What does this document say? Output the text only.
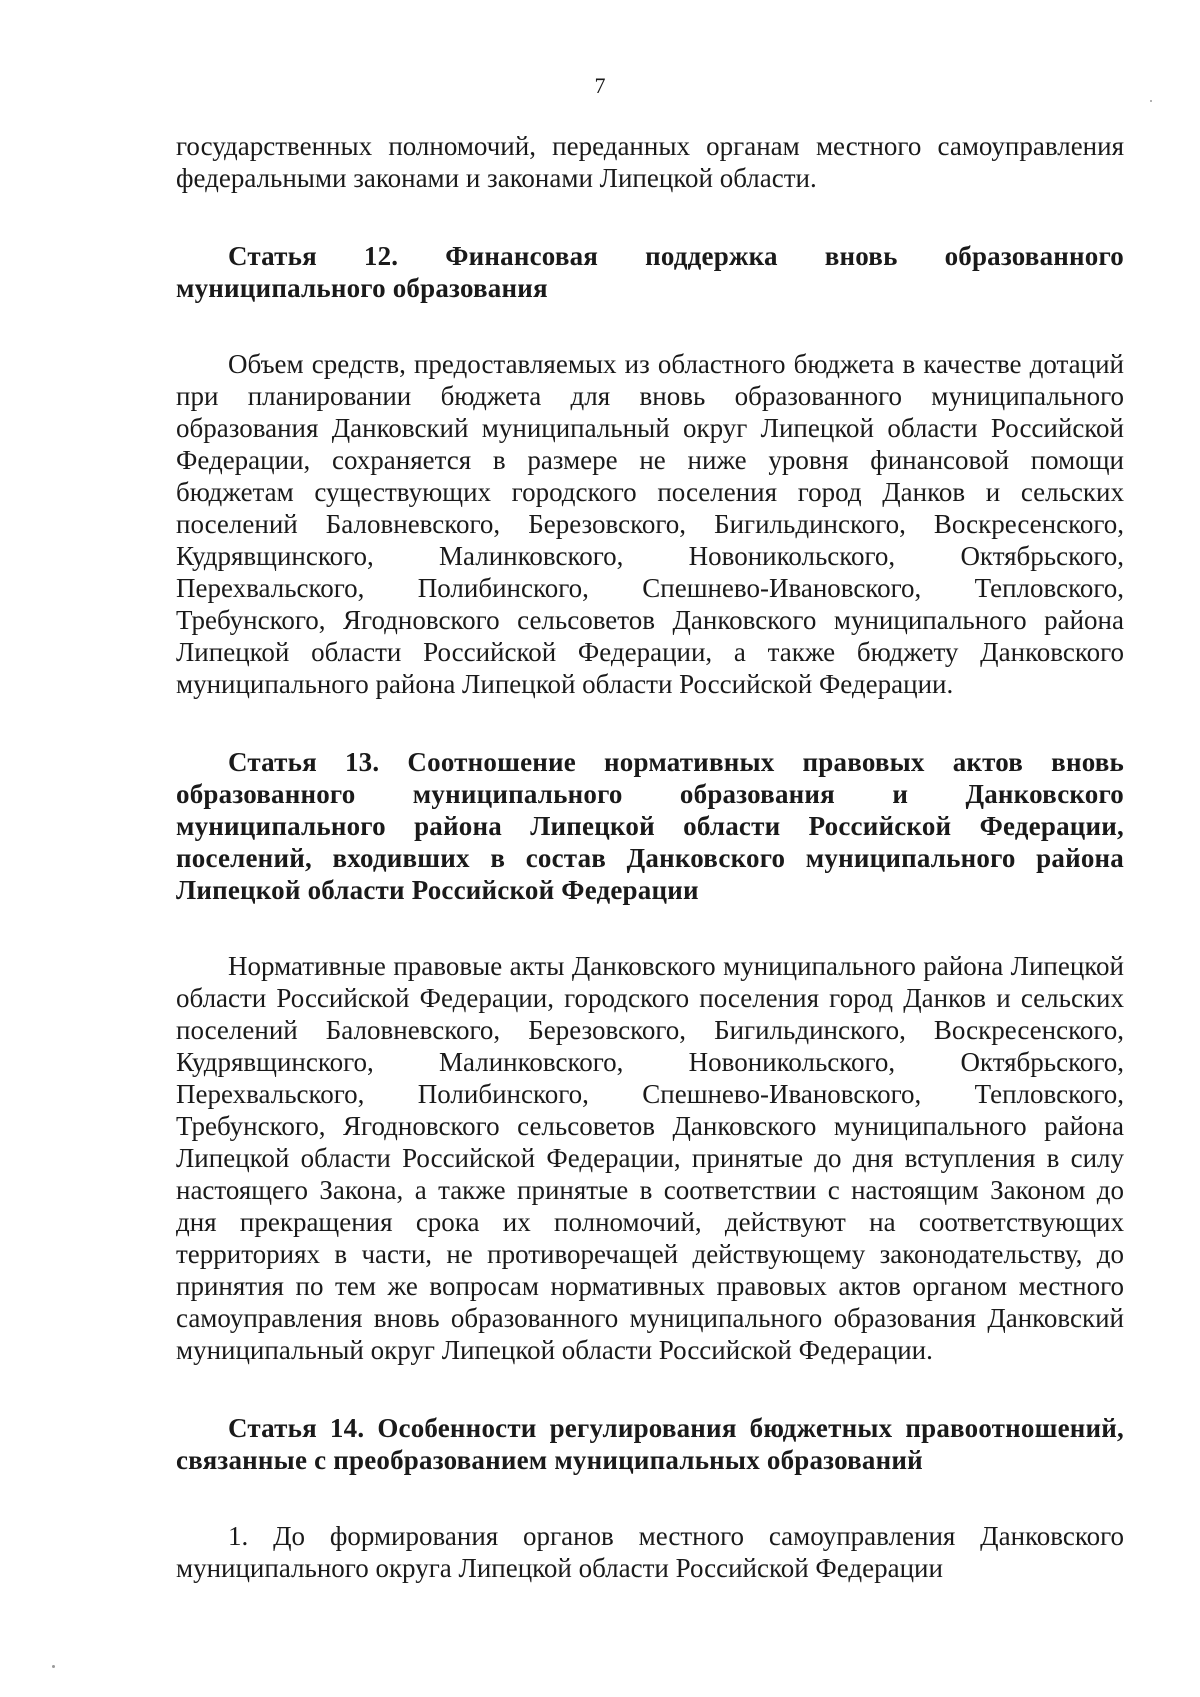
7

государственных полномочий, переданных органам местного самоуправления федеральными законами и законами Липецкой области.

Статья 12. Финансовая поддержка вновь образованного муниципального образования

Объем средств, предоставляемых из областного бюджета в качестве дотаций при планировании бюджета для вновь образованного муниципального образования Данковский муниципальный округ Липецкой области Российской Федерации, сохраняется в размере не ниже уровня финансовой помощи бюджетам существующих городского поселения город Данков и сельских поселений Баловневского, Березовского, Бигильдинского, Воскресенского, Кудрявщинского, Малинковского, Новоникольского, Октябрьского, Перехвальского, Полибинского, Спешнево-Ивановского, Тепловского, Требунского, Ягодновского сельсоветов Данковского муниципального района Липецкой области Российской Федерации, а также бюджету Данковского муниципального района Липецкой области Российской Федерации.

Статья 13. Соотношение нормативных правовых актов вновь образованного муниципального образования и Данковского муниципального района Липецкой области Российской Федерации, поселений, входивших в состав Данковского муниципального района Липецкой области Российской Федерации

Нормативные правовые акты Данковского муниципального района Липецкой области Российской Федерации, городского поселения город Данков и сельских поселений Баловневского, Березовского, Бигильдинского, Воскресенского, Кудрявщинского, Малинковского, Новоникольского, Октябрьского, Перехвальского, Полибинского, Спешнево-Ивановского, Тепловского, Требунского, Ягодновского сельсоветов Данковского муниципального района Липецкой области Российской Федерации, принятые до дня вступления в силу настоящего Закона, а также принятые в соответствии с настоящим Законом до дня прекращения срока их полномочий, действуют на соответствующих территориях в части, не противоречащей действующему законодательству, до принятия по тем же вопросам нормативных правовых актов органом местного самоуправления вновь образованного муниципального образования Данковский муниципальный округ Липецкой области Российской Федерации.

Статья 14. Особенности регулирования бюджетных правоотношений, связанные с преобразованием муниципальных образований

1. До формирования органов местного самоуправления Данковского муниципального округа Липецкой области Российской Федерации
